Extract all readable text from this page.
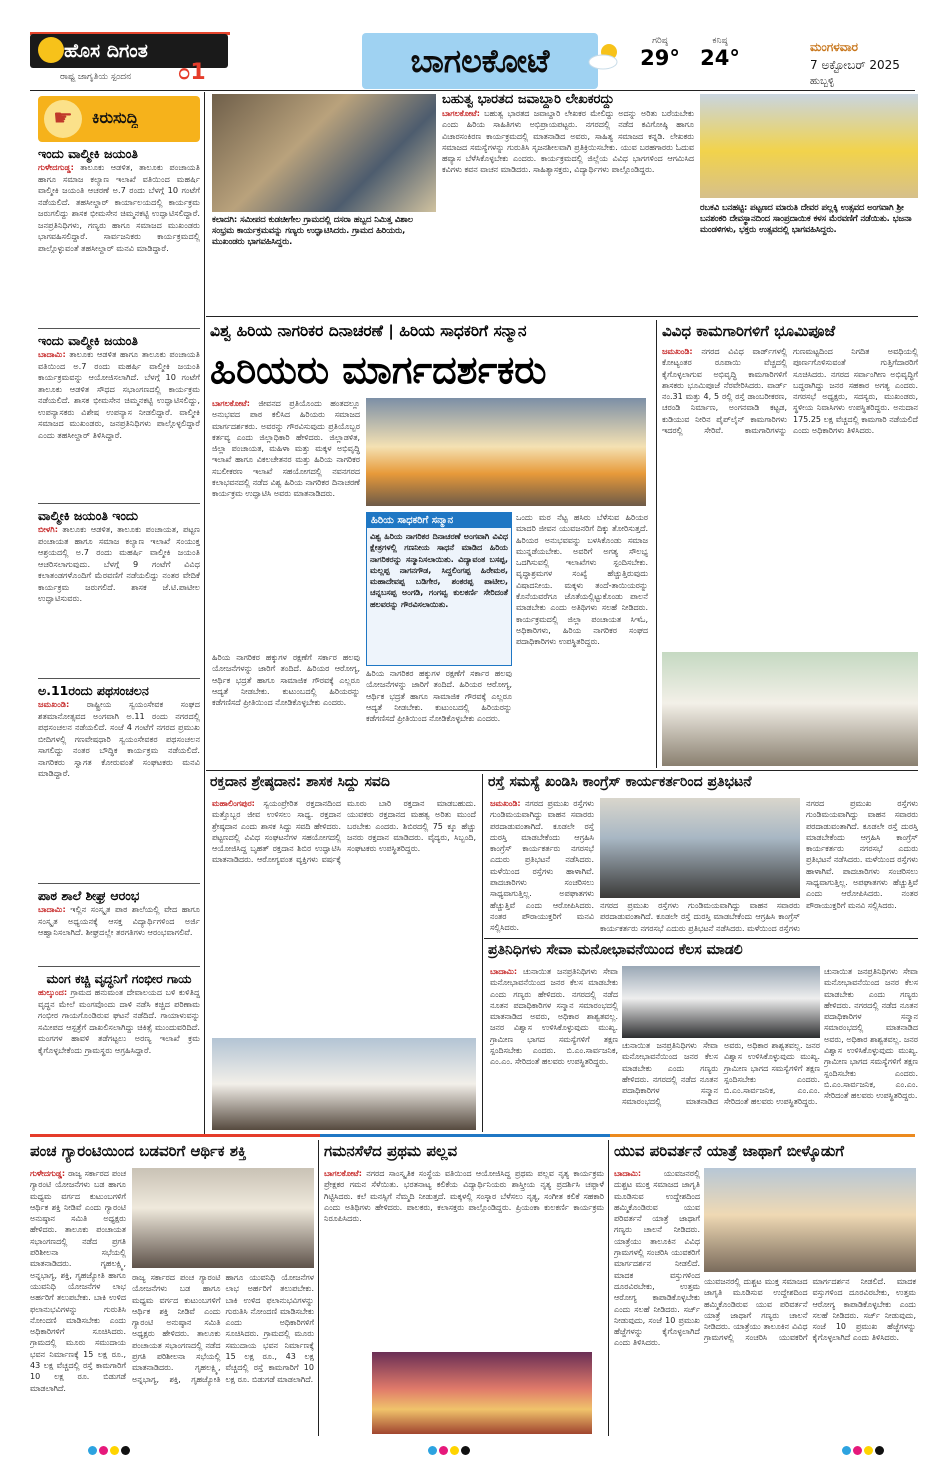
ಹೊಸ ದಿಗಂತ
ರಾಷ್ಟ್ರ ಜಾಗೃತಿಯ ಸ್ಪಂದನ ೦1	ಬಾಗಲಕೋಟೆ
ಗರಿಷ್ಠ
29°
ಕನಿಷ್ಠ
24°	ಮಂಗಳವಾರ
7 ಅಕ್ಟೋಬರ್ 2025
ಹುಬ್ಬಳ್ಳಿ
☛	ಕಿರುಸುದ್ದಿ
ಇಂದು ವಾಲ್ಮೀಕಿ ಜಯಂತಿ
ಗುಳೇದಗುಡ್ಡ: ತಾಲೂಕು ಆಡಳಿತ, ತಾಲೂಕು ಪಂಚಾಯತಿ ಹಾಗೂ ಸಮಾಜ ಕಲ್ಯಾಣ ಇಲಾಖೆ ವತಿಯಿಂದ ಮಹರ್ಷಿ ವಾಲ್ಮೀಕಿ ಜಯಂತಿ ಆಚರಣೆ ಅ.7 ರಂದು ಬೆಳಗ್ಗೆ 10 ಗಂಟೆಗೆ ನಡೆಯಲಿದೆ. ತಹಸೀಲ್ದಾರ್ ಕಾರ್ಯಾಲಯದಲ್ಲಿ ಕಾರ್ಯಕ್ರಮ ಜರುಗಲಿದ್ದು ಶಾಸಕ ಭೀಮಸೇನ ಚಿಮ್ಮನಕಟ್ಟಿ ಉದ್ಘಾಟಿಸಲಿದ್ದಾರೆ. ಜನಪ್ರತಿನಿಧಿಗಳು, ಗಣ್ಯರು ಹಾಗೂ ಸಮಾಜದ ಮುಖಂಡರು ಭಾಗವಹಿಸಲಿದ್ದಾರೆ. ಸಾರ್ವಜನಿಕರು ಕಾರ್ಯಕ್ರಮದಲ್ಲಿ ಪಾಲ್ಗೊಳ್ಳುವಂತೆ ತಹಸೀಲ್ದಾರ್ ಮನವಿ ಮಾಡಿದ್ದಾರೆ.
ಇಂದು ವಾಲ್ಮೀಕಿ ಜಯಂತಿ
ಬಾದಾಮಿ: ತಾಲೂಕು ಆಡಳಿತ ಹಾಗೂ ತಾಲೂಕು ಪಂಚಾಯತಿ ವತಿಯಿಂದ ಅ.7 ರಂದು ಮಹರ್ಷಿ ವಾಲ್ಮೀಕಿ ಜಯಂತಿ ಕಾರ್ಯಕ್ರಮವನ್ನು ಆಯೋಜಿಸಲಾಗಿದೆ. ಬೆಳಗ್ಗೆ 10 ಗಂಟೆಗೆ ತಾಲೂಕು ಆಡಳಿತ ಸೌಧದ ಸಭಾಂಗಣದಲ್ಲಿ ಕಾರ್ಯಕ್ರಮ ನಡೆಯಲಿದೆ. ಶಾಸಕ ಭೀಮಸೇನ ಚಿಮ್ಮನಕಟ್ಟಿ ಉದ್ಘಾಟಿಸಲಿದ್ದು, ಉಪನ್ಯಾಸಕರು ವಿಶೇಷ ಉಪನ್ಯಾಸ ನೀಡಲಿದ್ದಾರೆ. ವಾಲ್ಮೀಕಿ ಸಮಾಜದ ಮುಖಂಡರು, ಜನಪ್ರತಿನಿಧಿಗಳು ಪಾಲ್ಗೊಳ್ಳಲಿದ್ದಾರೆ ಎಂದು ತಹಸೀಲ್ದಾರ್ ತಿಳಿಸಿದ್ದಾರೆ.
ವಾಲ್ಮೀಕಿ ಜಯಂತಿ ಇಂದು
ಬೀಳಗಿ: ತಾಲೂಕು ಆಡಳಿತ, ತಾಲೂಕು ಪಂಚಾಯತ, ಪಟ್ಟಣ ಪಂಚಾಯತ ಹಾಗೂ ಸಮಾಜ ಕಲ್ಯಾಣ ಇಲಾಖೆ ಸಂಯುಕ್ತ ಆಶ್ರಯದಲ್ಲಿ ಅ.7 ರಂದು ಮಹರ್ಷಿ ವಾಲ್ಮೀಕಿ ಜಯಂತಿ ಆಚರಿಸಲಾಗುವುದು. ಬೆಳಗ್ಗೆ 9 ಗಂಟೆಗೆ ವಿವಿಧ ಕಲಾತಂಡಗಳೊಂದಿಗೆ ಮೆರವಣಿಗೆ ನಡೆಯಲಿದ್ದು ನಂತರ ವೇದಿಕೆ ಕಾರ್ಯಕ್ರಮ ಜರುಗಲಿದೆ. ಶಾಸಕ ಜೆ.ಟಿ.ಪಾಟೀಲ ಉದ್ಘಾಟಿಸುವರು.
ಅ.11ರಂದು ಪಥಸಂಚಲನ
ಜಮಖಂಡಿ: ರಾಷ್ಟ್ರೀಯ ಸ್ವಯಂಸೇವಕ ಸಂಘದ ಶತಮಾನೋತ್ಸವದ ಅಂಗವಾಗಿ ಅ.11 ರಂದು ನಗರದಲ್ಲಿ ಪಥಸಂಚಲನ ನಡೆಯಲಿದೆ. ಸಂಜೆ 4 ಗಂಟೆಗೆ ನಗರದ ಪ್ರಮುಖ ಬೀದಿಗಳಲ್ಲಿ ಗಣವೇಷಧಾರಿ ಸ್ವಯಂಸೇವಕರ ಪಥಸಂಚಲನ ಸಾಗಲಿದ್ದು ನಂತರ ಬೌದ್ಧಿಕ ಕಾರ್ಯಕ್ರಮ ನಡೆಯಲಿದೆ. ನಾಗರಿಕರು ಸ್ವಾಗತ ಕೋರುವಂತೆ ಸಂಘಟಕರು ಮನವಿ ಮಾಡಿದ್ದಾರೆ.
ಪಾಠ ಶಾಲೆ ಶೀಘ್ರ ಆರಂಭ
ಬಾದಾಮಿ: ಇಲ್ಲಿನ ಸಂಸ್ಕೃತ ಪಾಠ ಶಾಲೆಯಲ್ಲಿ ವೇದ ಹಾಗೂ ಸಂಸ್ಕೃತ ಅಧ್ಯಯನಕ್ಕೆ ಆಸಕ್ತ ವಿದ್ಯಾರ್ಥಿಗಳಿಂದ ಅರ್ಜಿ ಆಹ್ವಾನಿಸಲಾಗಿದೆ. ಶೀಘ್ರದಲ್ಲೇ ತರಗತಿಗಳು ಆರಂಭವಾಗಲಿವೆ.
ಮಂಗ ಕಚ್ಚಿ ವೃದ್ಧನಿಗೆ ಗಂಭೀರ ಗಾಯ
ಹುಲ್ಕುಂದ: ಗ್ರಾಮದ ಹನುಮಂತ ದೇವಾಲಯದ ಬಳಿ ಕುಳಿತಿದ್ದ ವೃದ್ಧನ ಮೇಲೆ ಮಂಗವೊಂದು ದಾಳಿ ನಡೆಸಿ ಕಚ್ಚಿದ ಪರಿಣಾಮ ಗಂಭೀರ ಗಾಯಗೊಂಡಿರುವ ಘಟನೆ ನಡೆದಿದೆ. ಗಾಯಾಳುವನ್ನು ಸಮೀಪದ ಆಸ್ಪತ್ರೆಗೆ ದಾಖಲಿಸಲಾಗಿದ್ದು ಚಿಕಿತ್ಸೆ ಮುಂದುವರಿದಿದೆ. ಮಂಗಗಳ ಹಾವಳಿ ತಡೆಗಟ್ಟಲು ಅರಣ್ಯ ಇಲಾಖೆ ಕ್ರಮ ಕೈಗೊಳ್ಳಬೇಕೆಂದು ಗ್ರಾಮಸ್ಥರು ಆಗ್ರಹಿಸಿದ್ದಾರೆ.
ಕಲಾದಗಿ: ಸಮೀಪದ ಕುಡಚೀಗೇಲ ಗ್ರಾಮದಲ್ಲಿ ದಸರಾ ಹಬ್ಬದ ನಿಮಿತ್ತ ವಿಶಾಲ ಸಂಭ್ರಮ ಕಾರ್ಯಕ್ರಮವನ್ನು ಗಣ್ಯರು ಉದ್ಘಾಟಿಸಿದರು. ಗ್ರಾಮದ ಹಿರಿಯರು, ಮುಖಂಡರು ಭಾಗವಹಿಸಿದ್ದರು.
ಬಹುತ್ವ ಭಾರತದ ಜವಾಬ್ದಾರಿ ಲೇಖಕರದ್ದು
ಬಾಗಲಕೋಟೆ: ಬಹುತ್ವ ಭಾರತದ ಜವಾಬ್ದಾರಿ ಲೇಖಕರ ಮೇಲಿದ್ದು ಅದನ್ನು ಅರಿತು ಬರೆಯಬೇಕು ಎಂದು ಹಿರಿಯ ಸಾಹಿತಿಗಳು ಅಭಿಪ್ರಾಯಪಟ್ಟರು. ನಗರದಲ್ಲಿ ನಡೆದ ಕವಿಗೋಷ್ಠಿ ಹಾಗೂ ವಿಚಾರಸಂಕಿರಣ ಕಾರ್ಯಕ್ರಮದಲ್ಲಿ ಮಾತನಾಡಿದ ಅವರು, ಸಾಹಿತ್ಯ ಸಮಾಜದ ಕನ್ನಡಿ. ಲೇಖಕರು ಸಮಾಜದ ಸಮಸ್ಯೆಗಳನ್ನು ಗುರುತಿಸಿ ಸೃಜನಶೀಲವಾಗಿ ಪ್ರತಿಕ್ರಿಯಿಸಬೇಕು. ಯುವ ಬರಹಗಾರರು ಓದುವ ಹವ್ಯಾಸ ಬೆಳೆಸಿಕೊಳ್ಳಬೇಕು ಎಂದರು. ಕಾರ್ಯಕ್ರಮದಲ್ಲಿ ಜಿಲ್ಲೆಯ ವಿವಿಧ ಭಾಗಗಳಿಂದ ಆಗಮಿಸಿದ ಕವಿಗಳು ಕವನ ವಾಚನ ಮಾಡಿದರು. ಸಾಹಿತ್ಯಾಸಕ್ತರು, ವಿದ್ಯಾರ್ಥಿಗಳು ಪಾಲ್ಗೊಂಡಿದ್ದರು.
ರಬಕವಿ ಬನಹಟ್ಟಿ: ಪಟ್ಟಣದ ಮಾರುತಿ ದೇವರ ಪಲ್ಲಕ್ಕಿ ಉತ್ಸವದ ಅಂಗವಾಗಿ ಶ್ರೀ ಬನಶಂಕರಿ ದೇವಸ್ಥಾನದಿಂದ ಸಾಂಪ್ರದಾಯಿಕ ಕಳಸ ಮೆರವಣಿಗೆ ನಡೆಯಿತು. ಭಜನಾ ಮಂಡಳಿಗಳು, ಭಕ್ತರು ಉತ್ಸವದಲ್ಲಿ ಭಾಗವಹಿಸಿದ್ದರು.
ವಿಶ್ವ ಹಿರಿಯ ನಾಗರಿಕರ ದಿನಾಚರಣೆ | ಹಿರಿಯ ಸಾಧಕರಿಗೆ ಸನ್ಮಾನ
ಹಿರಿಯರು ಮಾರ್ಗದರ್ಶಕರು
ಬಾಗಲಕೋಟೆ: ಜೀವನದ ಪ್ರತಿಯೊಂದು ಹಂತದಲ್ಲೂ ಅನುಭವದ ಪಾಠ ಕಲಿಸಿದ ಹಿರಿಯರು ಸಮಾಜದ ಮಾರ್ಗದರ್ಶಕರು. ಅವರನ್ನು ಗೌರವಿಸುವುದು ಪ್ರತಿಯೊಬ್ಬರ ಕರ್ತವ್ಯ ಎಂದು ಜಿಲ್ಲಾಧಿಕಾರಿ ಹೇಳಿದರು. ಜಿಲ್ಲಾಡಳಿತ, ಜಿಲ್ಲಾ ಪಂಚಾಯತ, ಮಹಿಳಾ ಮತ್ತು ಮಕ್ಕಳ ಅಭಿವೃದ್ಧಿ ಇಲಾಖೆ ಹಾಗೂ ವಿಕಲಚೇತನರ ಮತ್ತು ಹಿರಿಯ ನಾಗರಿಕರ ಸಬಲೀಕರಣ ಇಲಾಖೆ ಸಹಯೋಗದಲ್ಲಿ ನವನಗರದ ಕಲಾಭವನದಲ್ಲಿ ನಡೆದ ವಿಶ್ವ ಹಿರಿಯ ನಾಗರಿಕರ ದಿನಾಚರಣೆ ಕಾರ್ಯಕ್ರಮ ಉದ್ಘಾಟಿಸಿ ಅವರು ಮಾತನಾಡಿದರು.
ಹಿರಿಯ ಸಾಧಕರಿಗೆ ಸನ್ಮಾನ
ವಿಶ್ವ ಹಿರಿಯ ನಾಗರಿಕರ ದಿನಾಚರಣೆ ಅಂಗವಾಗಿ ವಿವಿಧ ಕ್ಷೇತ್ರಗಳಲ್ಲಿ ಗಣನೀಯ ಸಾಧನೆ ಮಾಡಿದ ಹಿರಿಯ ನಾಗರಿಕರನ್ನು ಸನ್ಮಾನಿಸಲಾಯಿತು. ವಿದ್ಯಾವಂತ ಬಸಪ್ಪ, ಮಲ್ಲಪ್ಪ ನಾಗನಗೌಡ, ಸಿದ್ದಲಿಂಗಪ್ಪ ಹಿರೇಮಠ, ಮಹಾದೇವಪ್ಪ ಬಡಿಗೇರ, ಶಂಕರಪ್ಪ ಪಾಟೀಲ, ಚನ್ನಬಸಪ್ಪ ಅಂಗಡಿ, ಗಂಗವ್ವ ಕುಲಕರ್ಣಿ ಸೇರಿದಂತೆ ಹಲವರನ್ನು ಗೌರವಿಸಲಾಯಿತು.
ಒಂದು ಮರ ನೆಟ್ಟ ಹಸಿರು ಬೆಳೆಸುವ ಹಿರಿಯರ ಮಾದರಿ ಜೀವನ ಯುವಜನರಿಗೆ ದಿಕ್ಕು ತೋರಿಸುತ್ತದೆ. ಹಿರಿಯರ ಅನುಭವವನ್ನು ಬಳಸಿಕೊಂಡು ಸಮಾಜ ಮುನ್ನಡೆಯಬೇಕು. ಅವರಿಗೆ ಅಗತ್ಯ ಸೌಲಭ್ಯ ಒದಗಿಸುವಲ್ಲಿ ಇಲಾಖೆಗಳು ಸ್ಪಂದಿಸಬೇಕು. ವೃದ್ಧಾಶ್ರಮಗಳ ಸಂಖ್ಯೆ ಹೆಚ್ಚುತ್ತಿರುವುದು ವಿಷಾದನೀಯ. ಮಕ್ಕಳು ತಂದೆ-ತಾಯಿಯರನ್ನು ಕೊನೆಯವರೆಗೂ ಜೊತೆಯಲ್ಲಿಟ್ಟುಕೊಂಡು ಪಾಲನೆ ಮಾಡಬೇಕು ಎಂದು ಅತಿಥಿಗಳು ಸಲಹೆ ನೀಡಿದರು. ಕಾರ್ಯಕ್ರಮದಲ್ಲಿ ಜಿಲ್ಲಾ ಪಂಚಾಯತ ಸಿಇಓ, ಅಧಿಕಾರಿಗಳು, ಹಿರಿಯ ನಾಗರಿಕರ ಸಂಘದ ಪದಾಧಿಕಾರಿಗಳು ಉಪಸ್ಥಿತರಿದ್ದರು.
ಹಿರಿಯ ನಾಗರಿಕರ ಹಕ್ಕುಗಳ ರಕ್ಷಣೆಗೆ ಸರ್ಕಾರ ಹಲವು ಯೋಜನೆಗಳನ್ನು ಜಾರಿಗೆ ತಂದಿದೆ. ಹಿರಿಯರ ಆರೋಗ್ಯ, ಆರ್ಥಿಕ ಭದ್ರತೆ ಹಾಗೂ ಸಾಮಾಜಿಕ ಗೌರವಕ್ಕೆ ಎಲ್ಲರೂ ಆದ್ಯತೆ ನೀಡಬೇಕು. ಕುಟುಂಬದಲ್ಲಿ ಹಿರಿಯರನ್ನು ಕಡೆಗಣಿಸದೆ ಪ್ರೀತಿಯಿಂದ ನೋಡಿಕೊಳ್ಳಬೇಕು ಎಂದರು.
ಹಿರಿಯ ನಾಗರಿಕರ ಹಕ್ಕುಗಳ ರಕ್ಷಣೆಗೆ ಸರ್ಕಾರ ಹಲವು ಯೋಜನೆಗಳನ್ನು ಜಾರಿಗೆ ತಂದಿದೆ. ಹಿರಿಯರ ಆರೋಗ್ಯ, ಆರ್ಥಿಕ ಭದ್ರತೆ ಹಾಗೂ ಸಾಮಾಜಿಕ ಗೌರವಕ್ಕೆ ಎಲ್ಲರೂ ಆದ್ಯತೆ ನೀಡಬೇಕು. ಕುಟುಂಬದಲ್ಲಿ ಹಿರಿಯರನ್ನು ಕಡೆಗಣಿಸದೆ ಪ್ರೀತಿಯಿಂದ ನೋಡಿಕೊಳ್ಳಬೇಕು ಎಂದರು.
ವಿವಿಧ ಕಾಮಗಾರಿಗಳಿಗೆ ಭೂಮಿಪೂಜೆ
ಜಮಖಂಡಿ: ನಗರದ ವಿವಿಧ ವಾರ್ಡ್‌ಗಳಲ್ಲಿ ಕೋಟ್ಯಂತರ ರೂಪಾಯಿ ವೆಚ್ಚದಲ್ಲಿ ಕೈಗೊಳ್ಳಲಾಗುವ ಅಭಿವೃದ್ಧಿ ಕಾಮಗಾರಿಗಳಿಗೆ ಶಾಸಕರು ಭೂಮಿಪೂಜೆ ನೆರವೇರಿಸಿದರು. ವಾರ್ಡ್ ನಂ.31 ಮತ್ತು 4, 5 ರಲ್ಲಿ ರಸ್ತೆ ಡಾಂಬರೀಕರಣ, ಚರಂಡಿ ನಿರ್ಮಾಣ, ಅಂಗನವಾಡಿ ಕಟ್ಟಡ, ಕುಡಿಯುವ ನೀರಿನ ಪೈಪ್‌ಲೈನ್ ಕಾಮಗಾರಿಗಳು ಇದರಲ್ಲಿ ಸೇರಿವೆ. ಕಾಮಗಾರಿಗಳನ್ನು ಗುಣಮಟ್ಟದಿಂದ ನಿಗದಿತ ಅವಧಿಯಲ್ಲಿ ಪೂರ್ಣಗೊಳಿಸುವಂತೆ ಗುತ್ತಿಗೆದಾರರಿಗೆ ಸೂಚಿಸಿದರು. ನಗರದ ಸರ್ವಾಂಗೀಣ ಅಭಿವೃದ್ಧಿಗೆ ಬದ್ಧರಾಗಿದ್ದು ಜನರ ಸಹಕಾರ ಅಗತ್ಯ ಎಂದರು. ನಗರಸಭೆ ಅಧ್ಯಕ್ಷರು, ಸದಸ್ಯರು, ಮುಖಂಡರು, ಸ್ಥಳೀಯ ನಿವಾಸಿಗಳು ಉಪಸ್ಥಿತರಿದ್ದರು. ಅನುದಾನ 175.25 ಲಕ್ಷ ವೆಚ್ಚದಲ್ಲಿ ಕಾಮಗಾರಿ ನಡೆಯಲಿದೆ ಎಂದು ಅಧಿಕಾರಿಗಳು ತಿಳಿಸಿದರು.
ರಕ್ತದಾನ ಶ್ರೇಷ್ಠದಾನ: ಶಾಸಕ ಸಿದ್ದು ಸವದಿ
ಮಹಾಲಿಂಗಪುರ: ಸ್ವಯಂಪ್ರೇರಿತ ರಕ್ತದಾನದಿಂದ ಮತ್ತೊಬ್ಬರ ಜೀವ ಉಳಿಸಲು ಸಾಧ್ಯ. ರಕ್ತದಾನ ಶ್ರೇಷ್ಠದಾನ ಎಂದು ಶಾಸಕ ಸಿದ್ದು ಸವದಿ ಹೇಳಿದರು. ಪಟ್ಟಣದಲ್ಲಿ ವಿವಿಧ ಸಂಘಟನೆಗಳ ಸಹಯೋಗದಲ್ಲಿ ಆಯೋಜಿಸಿದ್ದ ಬೃಹತ್ ರಕ್ತದಾನ ಶಿಬಿರ ಉದ್ಘಾಟಿಸಿ ಮಾತನಾಡಿದರು. ಆರೋಗ್ಯವಂತ ವ್ಯಕ್ತಿಗಳು ವರ್ಷಕ್ಕೆ ಮೂರು ಬಾರಿ ರಕ್ತದಾನ ಮಾಡಬಹುದು. ಯುವಕರು ರಕ್ತದಾನದ ಮಹತ್ವ ಅರಿತು ಮುಂದೆ ಬರಬೇಕು ಎಂದರು. ಶಿಬಿರದಲ್ಲಿ 75 ಕ್ಕೂ ಹೆಚ್ಚು ಜನರು ರಕ್ತದಾನ ಮಾಡಿದರು. ವೈದ್ಯರು, ಸಿಬ್ಬಂದಿ, ಸಂಘಟಕರು ಉಪಸ್ಥಿತರಿದ್ದರು.
ರಸ್ತೆ ಸಮಸ್ಯೆ ಖಂಡಿಸಿ ಕಾಂಗ್ರೆಸ್ ಕಾರ್ಯಕರ್ತರಿಂದ ಪ್ರತಿಭಟನೆ
ಜಮಖಂಡಿ: ನಗರದ ಪ್ರಮುಖ ರಸ್ತೆಗಳು ಗುಂಡಿಮಯವಾಗಿದ್ದು ವಾಹನ ಸವಾರರು ಪರದಾಡುವಂತಾಗಿದೆ. ಕೂಡಲೇ ರಸ್ತೆ ದುರಸ್ತಿ ಮಾಡಬೇಕೆಂದು ಆಗ್ರಹಿಸಿ ಕಾಂಗ್ರೆಸ್ ಕಾರ್ಯಕರ್ತರು ನಗರಸಭೆ ಎದುರು ಪ್ರತಿಭಟನೆ ನಡೆಸಿದರು. ಮಳೆಯಿಂದ ರಸ್ತೆಗಳು ಹಾಳಾಗಿವೆ. ಪಾದಚಾರಿಗಳು ಸಂಚರಿಸಲು ಸಾಧ್ಯವಾಗುತ್ತಿಲ್ಲ. ಅಪಘಾತಗಳು ಹೆಚ್ಚುತ್ತಿವೆ ಎಂದು ಆರೋಪಿಸಿದರು. ನಂತರ ಪೌರಾಯುಕ್ತರಿಗೆ ಮನವಿ ಸಲ್ಲಿಸಿದರು.
ನಗರದ ಪ್ರಮುಖ ರಸ್ತೆಗಳು ಗುಂಡಿಮಯವಾಗಿದ್ದು ವಾಹನ ಸವಾರರು ಪರದಾಡುವಂತಾಗಿದೆ. ಕೂಡಲೇ ರಸ್ತೆ ದುರಸ್ತಿ ಮಾಡಬೇಕೆಂದು ಆಗ್ರಹಿಸಿ ಕಾಂಗ್ರೆಸ್ ಕಾರ್ಯಕರ್ತರು ನಗರಸಭೆ ಎದುರು ಪ್ರತಿಭಟನೆ ನಡೆಸಿದರು. ಮಳೆಯಿಂದ ರಸ್ತೆಗಳು
ನಗರದ ಪ್ರಮುಖ ರಸ್ತೆಗಳು ಗುಂಡಿಮಯವಾಗಿದ್ದು ವಾಹನ ಸವಾರರು ಪರದಾಡುವಂತಾಗಿದೆ. ಕೂಡಲೇ ರಸ್ತೆ ದುರಸ್ತಿ ಮಾಡಬೇಕೆಂದು ಆಗ್ರಹಿಸಿ ಕಾಂಗ್ರೆಸ್ ಕಾರ್ಯಕರ್ತರು ನಗರಸಭೆ ಎದುರು ಪ್ರತಿಭಟನೆ ನಡೆಸಿದರು. ಮಳೆಯಿಂದ ರಸ್ತೆಗಳು ಹಾಳಾಗಿವೆ. ಪಾದಚಾರಿಗಳು ಸಂಚರಿಸಲು ಸಾಧ್ಯವಾಗುತ್ತಿಲ್ಲ. ಅಪಘಾತಗಳು ಹೆಚ್ಚುತ್ತಿವೆ ಎಂದು ಆರೋಪಿಸಿದರು. ನಂತರ ಪೌರಾಯುಕ್ತರಿಗೆ ಮನವಿ ಸಲ್ಲಿಸಿದರು.
ಪ್ರತಿನಿಧಿಗಳು ಸೇವಾ ಮನೋಭಾವನೆಯಿಂದ ಕೆಲಸ ಮಾಡಲಿ
ಬಾದಾಮಿ: ಚುನಾಯಿತ ಜನಪ್ರತಿನಿಧಿಗಳು ಸೇವಾ ಮನೋಭಾವನೆಯಿಂದ ಜನರ ಕೆಲಸ ಮಾಡಬೇಕು ಎಂದು ಗಣ್ಯರು ಹೇಳಿದರು. ನಗರದಲ್ಲಿ ನಡೆದ ನೂತನ ಪದಾಧಿಕಾರಿಗಳ ಸನ್ಮಾನ ಸಮಾರಂಭದಲ್ಲಿ ಮಾತನಾಡಿದ ಅವರು, ಅಧಿಕಾರ ಶಾಶ್ವತವಲ್ಲ. ಜನರ ವಿಶ್ವಾಸ ಉಳಿಸಿಕೊಳ್ಳುವುದು ಮುಖ್ಯ. ಗ್ರಾಮೀಣ ಭಾಗದ ಸಮಸ್ಯೆಗಳಿಗೆ ತಕ್ಷಣ ಸ್ಪಂದಿಸಬೇಕು ಎಂದರು. ಬಿ.ಎಂ.ಸಾರ್ವಜನಿಕ, ಎಂ.ಎಂ. ಸೇರಿದಂತೆ ಹಲವರು ಉಪಸ್ಥಿತರಿದ್ದರು.
ಚುನಾಯಿತ ಜನಪ್ರತಿನಿಧಿಗಳು ಸೇವಾ ಮನೋಭಾವನೆಯಿಂದ ಜನರ ಕೆಲಸ ಮಾಡಬೇಕು ಎಂದು ಗಣ್ಯರು ಹೇಳಿದರು. ನಗರದಲ್ಲಿ ನಡೆದ ನೂತನ ಪದಾಧಿಕಾರಿಗಳ ಸನ್ಮಾನ ಸಮಾರಂಭದಲ್ಲಿ ಮಾತನಾಡಿದ ಅವರು, ಅಧಿಕಾರ ಶಾಶ್ವತವಲ್ಲ. ಜನರ ವಿಶ್ವಾಸ ಉಳಿಸಿಕೊಳ್ಳುವುದು ಮುಖ್ಯ. ಗ್ರಾಮೀಣ ಭಾಗದ ಸಮಸ್ಯೆಗಳಿಗೆ ತಕ್ಷಣ ಸ್ಪಂದಿಸಬೇಕು ಎಂದರು. ಬಿ.ಎಂ.ಸಾರ್ವಜನಿಕ, ಎಂ.ಎಂ. ಸೇರಿದಂತೆ ಹಲವರು ಉಪಸ್ಥಿತರಿದ್ದರು.
ಚುನಾಯಿತ ಜನಪ್ರತಿನಿಧಿಗಳು ಸೇವಾ ಮನೋಭಾವನೆಯಿಂದ ಜನರ ಕೆಲಸ ಮಾಡಬೇಕು ಎಂದು ಗಣ್ಯರು ಹೇಳಿದರು. ನಗರದಲ್ಲಿ ನಡೆದ ನೂತನ ಪದಾಧಿಕಾರಿಗಳ ಸನ್ಮಾನ ಸಮಾರಂಭದಲ್ಲಿ ಮಾತನಾಡಿದ ಅವರು, ಅಧಿಕಾರ ಶಾಶ್ವತವಲ್ಲ. ಜನರ ವಿಶ್ವಾಸ ಉಳಿಸಿಕೊಳ್ಳುವುದು ಮುಖ್ಯ. ಗ್ರಾಮೀಣ ಭಾಗದ ಸಮಸ್ಯೆಗಳಿಗೆ ತಕ್ಷಣ ಸ್ಪಂದಿಸಬೇಕು ಎಂದರು. ಬಿ.ಎಂ.ಸಾರ್ವಜನಿಕ, ಎಂ.ಎಂ. ಸೇರಿದಂತೆ ಹಲವರು ಉಪಸ್ಥಿತರಿದ್ದರು.
ಪಂಚ ಗ್ಯಾರಂಟಿಯಿಂದ ಬಡವರಿಗೆ ಆರ್ಥಿಕ ಶಕ್ತಿ
ಗುಳೇದಗುಡ್ಡ: ರಾಜ್ಯ ಸರ್ಕಾರದ ಪಂಚ ಗ್ಯಾರಂಟಿ ಯೋಜನೆಗಳು ಬಡ ಹಾಗೂ ಮಧ್ಯಮ ವರ್ಗದ ಕುಟುಂಬಗಳಿಗೆ ಆರ್ಥಿಕ ಶಕ್ತಿ ನೀಡಿವೆ ಎಂದು ಗ್ಯಾರಂಟಿ ಅನುಷ್ಠಾನ ಸಮಿತಿ ಅಧ್ಯಕ್ಷರು ಹೇಳಿದರು. ತಾಲೂಕು ಪಂಚಾಯತ ಸಭಾಂಗಣದಲ್ಲಿ ನಡೆದ ಪ್ರಗತಿ ಪರಿಶೀಲನಾ ಸಭೆಯಲ್ಲಿ ಮಾತನಾಡಿದರು. ಗೃಹಲಕ್ಷ್ಮಿ, ಅನ್ನಭಾಗ್ಯ, ಶಕ್ತಿ, ಗೃಹಜ್ಯೋತಿ ಹಾಗೂ ಯುವನಿಧಿ ಯೋಜನೆಗಳ ಲಾಭ ಅರ್ಹರಿಗೆ ತಲುಪಬೇಕು. ಬಾಕಿ ಉಳಿದ ಫಲಾನುಭವಿಗಳನ್ನು ಗುರುತಿಸಿ ನೋಂದಣಿ ಮಾಡಿಸಬೇಕು ಎಂದು ಅಧಿಕಾರಿಗಳಿಗೆ ಸೂಚಿಸಿದರು. ಗ್ರಾಮದಲ್ಲಿ ಮೂರು ಸಮುದಾಯ ಭವನ ನಿರ್ಮಾಣಕ್ಕೆ 15 ಲಕ್ಷ ರೂ., 43 ಲಕ್ಷ ವೆಚ್ಚದಲ್ಲಿ ರಸ್ತೆ ಕಾಮಗಾರಿಗೆ 10 ಲಕ್ಷ ರೂ. ಬಿಡುಗಡೆ ಮಾಡಲಾಗಿದೆ.
ರಾಜ್ಯ ಸರ್ಕಾರದ ಪಂಚ ಗ್ಯಾರಂಟಿ ಯೋಜನೆಗಳು ಬಡ ಹಾಗೂ ಮಧ್ಯಮ ವರ್ಗದ ಕುಟುಂಬಗಳಿಗೆ ಆರ್ಥಿಕ ಶಕ್ತಿ ನೀಡಿವೆ ಎಂದು ಗ್ಯಾರಂಟಿ ಅನುಷ್ಠಾನ ಸಮಿತಿ ಅಧ್ಯಕ್ಷರು ಹೇಳಿದರು. ತಾಲೂಕು ಪಂಚಾಯತ ಸಭಾಂಗಣದಲ್ಲಿ ನಡೆದ ಪ್ರಗತಿ ಪರಿಶೀಲನಾ ಸಭೆಯಲ್ಲಿ ಮಾತನಾಡಿದರು. ಗೃಹಲಕ್ಷ್ಮಿ, ಅನ್ನಭಾಗ್ಯ, ಶಕ್ತಿ, ಗೃಹಜ್ಯೋತಿ ಹಾಗೂ ಯುವನಿಧಿ ಯೋಜನೆಗಳ ಲಾಭ ಅರ್ಹರಿಗೆ ತಲುಪಬೇಕು. ಬಾಕಿ ಉಳಿದ ಫಲಾನುಭವಿಗಳನ್ನು ಗುರುತಿಸಿ ನೋಂದಣಿ ಮಾಡಿಸಬೇಕು ಎಂದು ಅಧಿಕಾರಿಗಳಿಗೆ ಸೂಚಿಸಿದರು. ಗ್ರಾಮದಲ್ಲಿ ಮೂರು ಸಮುದಾಯ ಭವನ ನಿರ್ಮಾಣಕ್ಕೆ 15 ಲಕ್ಷ ರೂ., 43 ಲಕ್ಷ ವೆಚ್ಚದಲ್ಲಿ ರಸ್ತೆ ಕಾಮಗಾರಿಗೆ 10 ಲಕ್ಷ ರೂ. ಬಿಡುಗಡೆ ಮಾಡಲಾಗಿದೆ.
ಗಮನಸೆಳೆದ ಪ್ರಥಮ ಪಲ್ಲವ
ಬಾಗಲಕೋಟೆ: ನಗರದ ಸಾಂಸ್ಕೃತಿಕ ಸಂಸ್ಥೆಯ ವತಿಯಿಂದ ಆಯೋಜಿಸಿದ್ದ ಪ್ರಥಮ ಪಲ್ಲವ ನೃತ್ಯ ಕಾರ್ಯಕ್ರಮ ಪ್ರೇಕ್ಷಕರ ಗಮನ ಸೆಳೆಯಿತು. ಭರತನಾಟ್ಯ ಕಲಿಕೆಯ ವಿದ್ಯಾರ್ಥಿನಿಯರು ಶಾಸ್ತ್ರೀಯ ನೃತ್ಯ ಪ್ರದರ್ಶಿಸಿ ಚಪ್ಪಾಳೆ ಗಿಟ್ಟಿಸಿದರು. ಕಲೆ ಮನಸ್ಸಿಗೆ ನೆಮ್ಮದಿ ನೀಡುತ್ತದೆ. ಮಕ್ಕಳಲ್ಲಿ ಸಂಸ್ಕಾರ ಬೆಳೆಸಲು ನೃತ್ಯ, ಸಂಗೀತ ಕಲಿಕೆ ಸಹಕಾರಿ ಎಂದು ಅತಿಥಿಗಳು ಹೇಳಿದರು. ಪಾಲಕರು, ಕಲಾಸಕ್ತರು ಪಾಲ್ಗೊಂಡಿದ್ದರು. ಪ್ರಿಯಂಕಾ ಕುಲಕರ್ಣಿ ಕಾರ್ಯಕ್ರಮ ನಿರೂಪಿಸಿದರು.
ಯುವ ಪರಿವರ್ತನೆ ಯಾತ್ರೆ ಜಾಥಾಗೆ ಬೀಳ್ಕೊಡುಗೆ
ಬಾದಾಮಿ:	ಯುವಜನರಲ್ಲಿ ದುಶ್ಚಟ ಮುಕ್ತ ಸಮಾಜದ ಜಾಗೃತಿ ಮೂಡಿಸುವ ಉದ್ದೇಶದಿಂದ ಹಮ್ಮಿಕೊಂಡಿರುವ ಯುವ ಪರಿವರ್ತನೆ ಯಾತ್ರೆ ಜಾಥಾಗೆ ಗಣ್ಯರು ಚಾಲನೆ ನೀಡಿದರು. ಯಾತ್ರೆಯು ತಾಲೂಕಿನ ವಿವಿಧ ಗ್ರಾಮಗಳಲ್ಲಿ ಸಂಚರಿಸಿ ಯುವಕರಿಗೆ ಮಾರ್ಗದರ್ಶನ ನೀಡಲಿದೆ. ಮಾದಕ ವಸ್ತುಗಳಿಂದ ದೂರವಿರಬೇಕು, ಉತ್ತಮ ಆರೋಗ್ಯ ಕಾಪಾಡಿಕೊಳ್ಳಬೇಕು ಎಂದು ಸಲಹೆ ನೀಡಿದರು. ಸರ್ಜ್ ನೀಡುವುದು, ಸಂಜೆ 10 ಪ್ರಮುಖ ಹೆಜ್ಜೆಗಳನ್ನು ಕೈಗೊಳ್ಳಲಾಗಿದೆ ಎಂದು ತಿಳಿಸಿದರು.
ಯುವಜನರಲ್ಲಿ ದುಶ್ಚಟ ಮುಕ್ತ ಸಮಾಜದ ಜಾಗೃತಿ ಮೂಡಿಸುವ ಉದ್ದೇಶದಿಂದ ಹಮ್ಮಿಕೊಂಡಿರುವ ಯುವ ಪರಿವರ್ತನೆ ಯಾತ್ರೆ ಜಾಥಾಗೆ ಗಣ್ಯರು ಚಾಲನೆ ನೀಡಿದರು. ಯಾತ್ರೆಯು ತಾಲೂಕಿನ ವಿವಿಧ ಗ್ರಾಮಗಳಲ್ಲಿ ಸಂಚರಿಸಿ ಯುವಕರಿಗೆ ಮಾರ್ಗದರ್ಶನ ನೀಡಲಿದೆ. ಮಾದಕ ವಸ್ತುಗಳಿಂದ ದೂರವಿರಬೇಕು, ಉತ್ತಮ ಆರೋಗ್ಯ ಕಾಪಾಡಿಕೊಳ್ಳಬೇಕು ಎಂದು ಸಲಹೆ ನೀಡಿದರು. ಸರ್ಜ್ ನೀಡುವುದು, ಸಂಜೆ 10 ಪ್ರಮುಖ ಹೆಜ್ಜೆಗಳನ್ನು ಕೈಗೊಳ್ಳಲಾಗಿದೆ ಎಂದು ತಿಳಿಸಿದರು.
